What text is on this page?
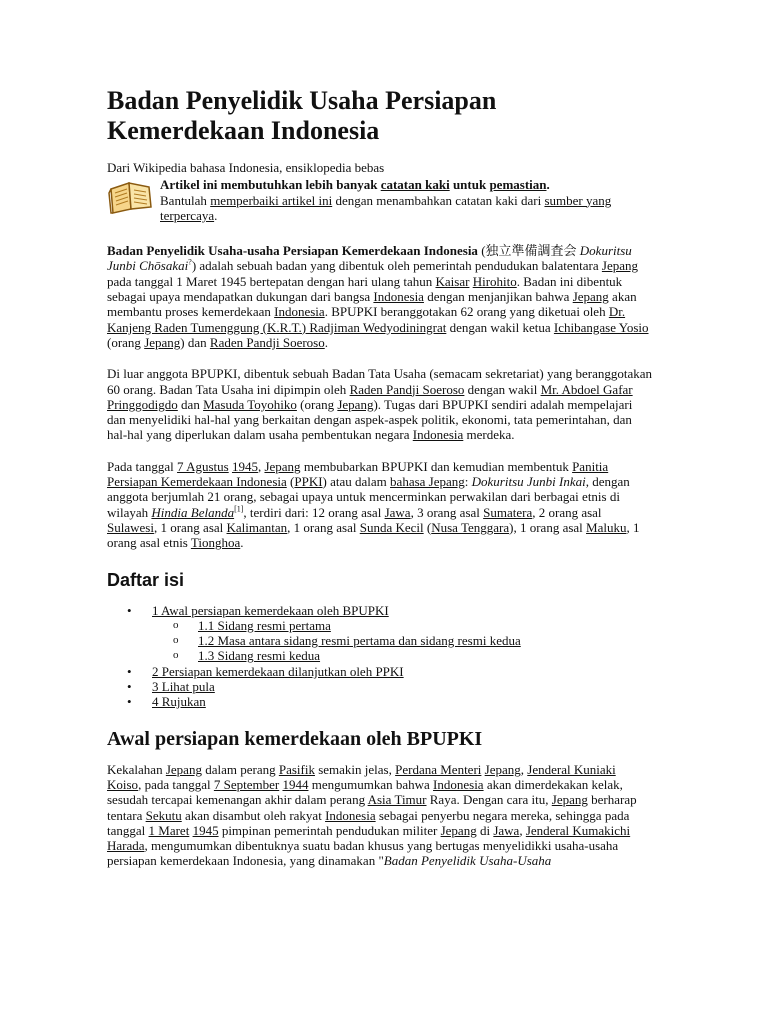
Badan Penyelidik Usaha Persiapan Kemerdekaan Indonesia

Dari Wikipedia bahasa Indonesia, ensiklopedia bebas

Artikel ini membutuhkan lebih banyak catatan kaki untuk pemastian.
Bantulah memperbaiki artikel ini dengan menambahkan catatan kaki dari sumber yang terpercaya.

Badan Penyelidik Usaha-usaha Persiapan Kemerdekaan Indonesia (独立準備調査会 Dokuritsu Junbi Chōsakai?) adalah sebuah badan yang dibentuk oleh pemerintah pendudukan balatentara Jepang pada tanggal 1 Maret 1945 bertepatan dengan hari ulang tahun Kaisar Hirohito. Badan ini dibentuk sebagai upaya mendapatkan dukungan dari bangsa Indonesia dengan menjanjikan bahwa Jepang akan membantu proses kemerdekaan Indonesia. BPUPKI beranggotakan 62 orang yang diketuai oleh Dr. Kanjeng Raden Tumenggung (K.R.T.) Radjiman Wedyodiningrat dengan wakil ketua Ichibangase Yosio (orang Jepang) dan Raden Pandji Soeroso.

Di luar anggota BPUPKI, dibentuk sebuah Badan Tata Usaha (semacam sekretariat) yang beranggotakan 60 orang. Badan Tata Usaha ini dipimpin oleh Raden Pandji Soeroso dengan wakil Mr. Abdoel Gafar Pringgodigdo dan Masuda Toyohiko (orang Jepang). Tugas dari BPUPKI sendiri adalah mempelajari dan menyelidiki hal-hal yang berkaitan dengan aspek-aspek politik, ekonomi, tata pemerintahan, dan hal-hal yang diperlukan dalam usaha pembentukan negara Indonesia merdeka.

Pada tanggal 7 Agustus 1945, Jepang membubarkan BPUPKI dan kemudian membentuk Panitia Persiapan Kemerdekaan Indonesia (PPKI) atau dalam bahasa Jepang: Dokuritsu Junbi Inkai, dengan anggota berjumlah 21 orang, sebagai upaya untuk mencerminkan perwakilan dari berbagai etnis di wilayah Hindia Belanda[1], terdiri dari: 12 orang asal Jawa, 3 orang asal Sumatera, 2 orang asal Sulawesi, 1 orang asal Kalimantan, 1 orang asal Sunda Kecil (Nusa Tenggara), 1 orang asal Maluku, 1 orang asal etnis Tionghoa.

Daftar isi
• 1 Awal persiapan kemerdekaan oleh BPUPKI
o 1.1 Sidang resmi pertama
o 1.2 Masa antara sidang resmi pertama dan sidang resmi kedua
o 1.3 Sidang resmi kedua
• 2 Persiapan kemerdekaan dilanjutkan oleh PPKI
• 3 Lihat pula
• 4 Rujukan
Awal persiapan kemerdekaan oleh BPUPKI

Kekalahan Jepang dalam perang Pasifik semakin jelas, Perdana Menteri Jepang, Jenderal Kuniaki Koiso, pada tanggal 7 September 1944 mengumumkan bahwa Indonesia akan dimerdekakan kelak, sesudah tercapai kemenangan akhir dalam perang Asia Timur Raya. Dengan cara itu, Jepang berharap tentara Sekutu akan disambut oleh rakyat Indonesia sebagai penyerbu negara mereka, sehingga pada tanggal 1 Maret 1945 pimpinan pemerintah pendudukan militer Jepang di Jawa, Jenderal Kumakichi Harada, mengumumkan dibentuknya suatu badan khusus yang bertugas menyelidikki usaha-usaha persiapan kemerdekaan Indonesia, yang dinamakan "Badan Penyelidik Usaha-Usaha
